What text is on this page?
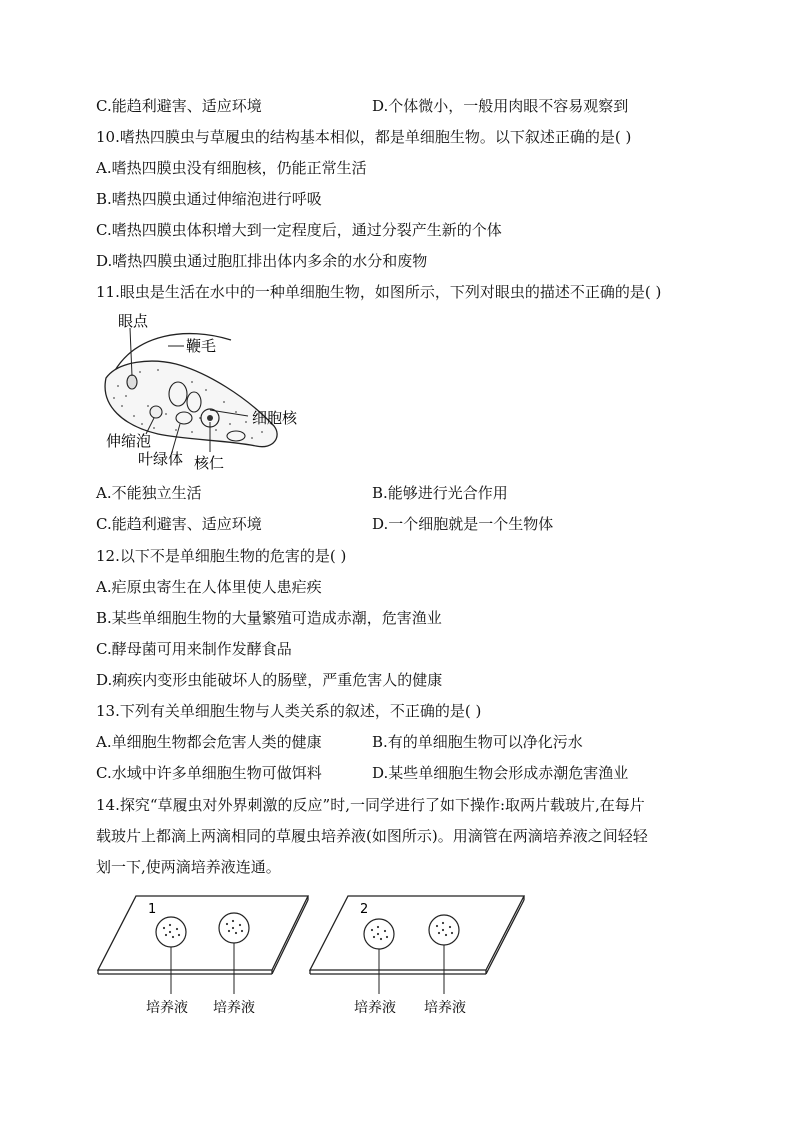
C.能趋利避害、适应环境	D.个体微小，一般用肉眼不容易观察到
10.嗜热四膜虫与草履虫的结构基本相似，都是单细胞生物。以下叙述正确的是( )
A.嗜热四膜虫没有细胞核，仍能正常生活
B.嗜热四膜虫通过伸缩泡进行呼吸
C.嗜热四膜虫体积增大到一定程度后，通过分裂产生新的个体
D.嗜热四膜虫通过胞肛排出体内多余的水分和废物
11.眼虫是生活在水中的一种单细胞生物，如图所示，下列对眼虫的描述不正确的是( )
眼点
鞭毛
细胞核
伸缩泡
叶绿体 核仁
A.不能独立生活	B.能够进行光合作用
C.能趋利避害、适应环境	D.一个细胞就是一个生物体
12.以下不是单细胞生物的危害的是( )
A.疟原虫寄生在人体里使人患疟疾
B.某些单细胞生物的大量繁殖可造成赤潮，危害渔业
C.酵母菌可用来制作发酵食品
D.痢疾内变形虫能破坏人的肠壁，严重危害人的健康
13.下列有关单细胞生物与人类关系的叙述，不正确的是( )
A.单细胞生物都会危害人类的健康	B.有的单细胞生物可以净化污水
C.水域中许多单细胞生物可做饵料	D.某些单细胞生物会形成赤潮危害渔业
14.探究“草履虫对外界刺激的反应”时,一同学进行了如下操作:取两片载玻片,在每片
载玻片上都滴上两滴相同的草履虫培养液(如图所示)。用滴管在两滴培养液之间轻轻
划一下,使两滴培养液连通。
1
培养液 培养液
2
培养液 培养液
